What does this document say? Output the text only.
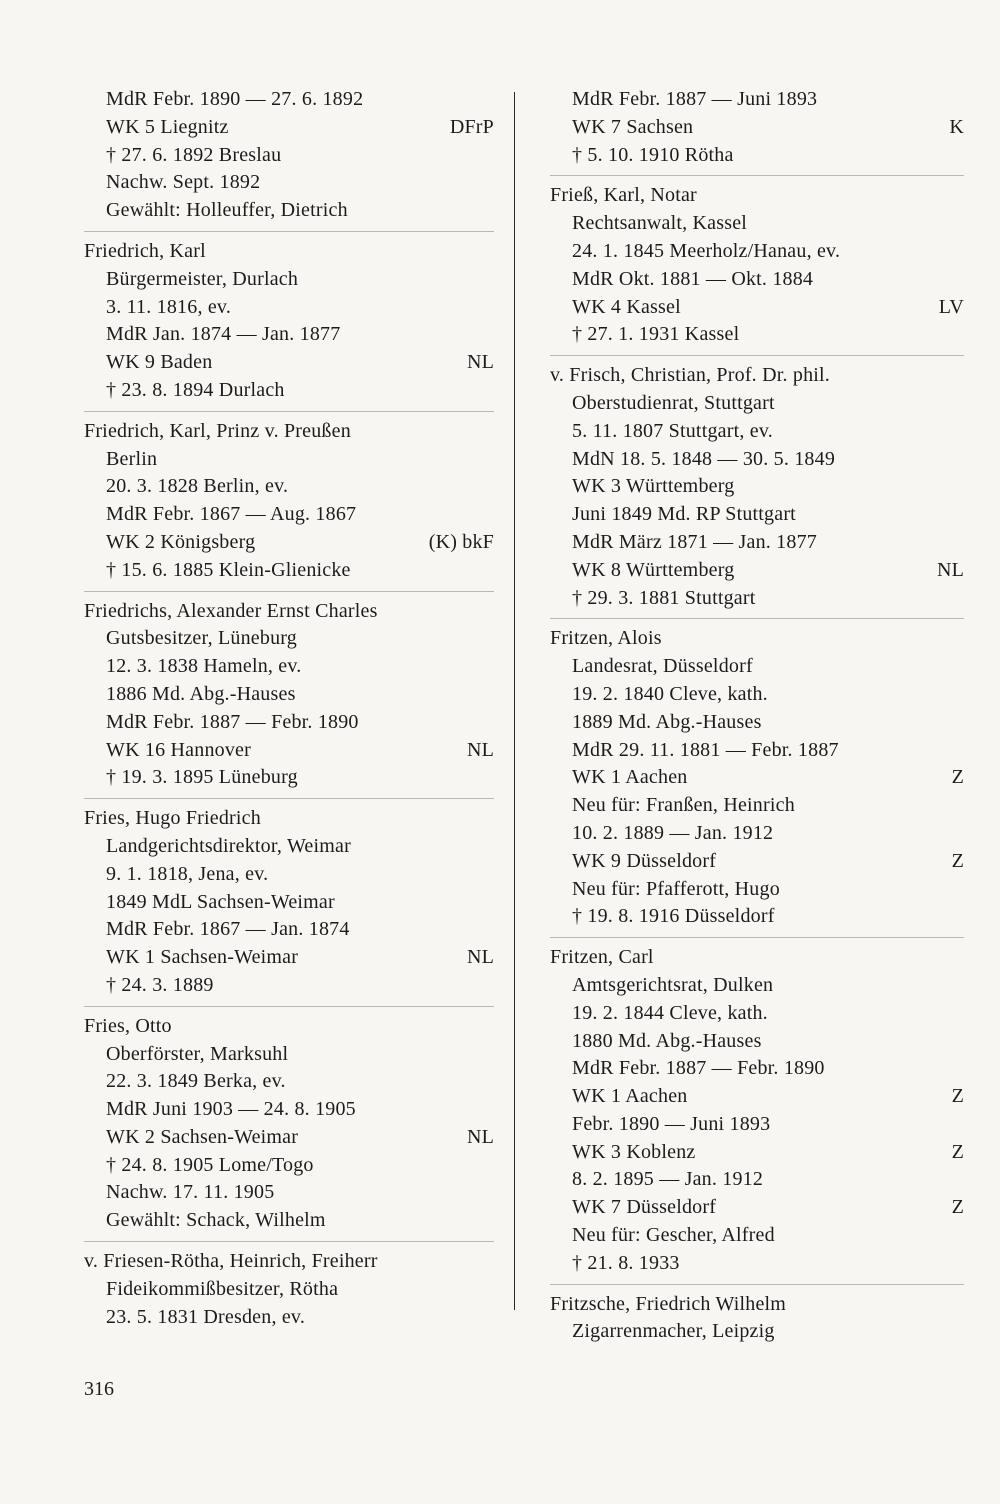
MdR Febr. 1890 — 27. 6. 1892
WK 5 Liegnitz	DFrP
† 27. 6. 1892 Breslau
Nachw. Sept. 1892
Gewählt: Holleuffer, Dietrich
Friedrich, Karl
Bürgermeister, Durlach
3. 11. 1816, ev.
MdR Jan. 1874 — Jan. 1877
WK 9 Baden	NL
† 23. 8. 1894 Durlach
Friedrich, Karl, Prinz v. Preußen
Berlin
20. 3. 1828 Berlin, ev.
MdR Febr. 1867 — Aug. 1867
WK 2 Königsberg	(K) bkF
† 15. 6. 1885 Klein-Glienicke
Friedrichs, Alexander Ernst Charles
Gutsbesitzer, Lüneburg
12. 3. 1838 Hameln, ev.
1886 Md. Abg.-Hauses
MdR Febr. 1887 — Febr. 1890
WK 16 Hannover	NL
† 19. 3. 1895 Lüneburg
Fries, Hugo Friedrich
Landgerichtsdirektor, Weimar
9. 1. 1818, Jena, ev.
1849 MdL Sachsen-Weimar
MdR Febr. 1867 — Jan. 1874
WK 1 Sachsen-Weimar	NL
† 24. 3. 1889
Fries, Otto
Oberförster, Marksuhl
22. 3. 1849 Berka, ev.
MdR Juni 1903 — 24. 8. 1905
WK 2 Sachsen-Weimar	NL
† 24. 8. 1905 Lome/Togo
Nachw. 17. 11. 1905
Gewählt: Schack, Wilhelm
v. Friesen-Rötha, Heinrich, Freiherr
Fideikommißbesitzer, Rötha
23. 5. 1831 Dresden, ev.
MdR Febr. 1887 — Juni 1893
WK 7 Sachsen	K
† 5. 10. 1910 Rötha
Frieß, Karl, Notar
Rechtsanwalt, Kassel
24. 1. 1845 Meerholz/Hanau, ev.
MdR Okt. 1881 — Okt. 1884
WK 4 Kassel	LV
† 27. 1. 1931 Kassel
v. Frisch, Christian, Prof. Dr. phil.
Oberstudienrat, Stuttgart
5. 11. 1807 Stuttgart, ev.
MdN 18. 5. 1848 — 30. 5. 1849
WK 3 Württemberg
Juni 1849 Md. RP Stuttgart
MdR März 1871 — Jan. 1877
WK 8 Württemberg	NL
† 29. 3. 1881 Stuttgart
Fritzen, Alois
Landesrat, Düsseldorf
19. 2. 1840 Cleve, kath.
1889 Md. Abg.-Hauses
MdR 29. 11. 1881 — Febr. 1887
WK 1 Aachen	Z
Neu für: Franßen, Heinrich
10. 2. 1889 — Jan. 1912
WK 9 Düsseldorf	Z
Neu für: Pfafferott, Hugo
† 19. 8. 1916 Düsseldorf
Fritzen, Carl
Amtsgerichtsrat, Dulken
19. 2. 1844 Cleve, kath.
1880 Md. Abg.-Hauses
MdR Febr. 1887 — Febr. 1890
WK 1 Aachen	Z
Febr. 1890 — Juni 1893
WK 3 Koblenz	Z
8. 2. 1895 — Jan. 1912
WK 7 Düsseldorf	Z
Neu für: Gescher, Alfred
† 21. 8. 1933
Fritzsche, Friedrich Wilhelm
Zigarrenmacher, Leipzig
316
